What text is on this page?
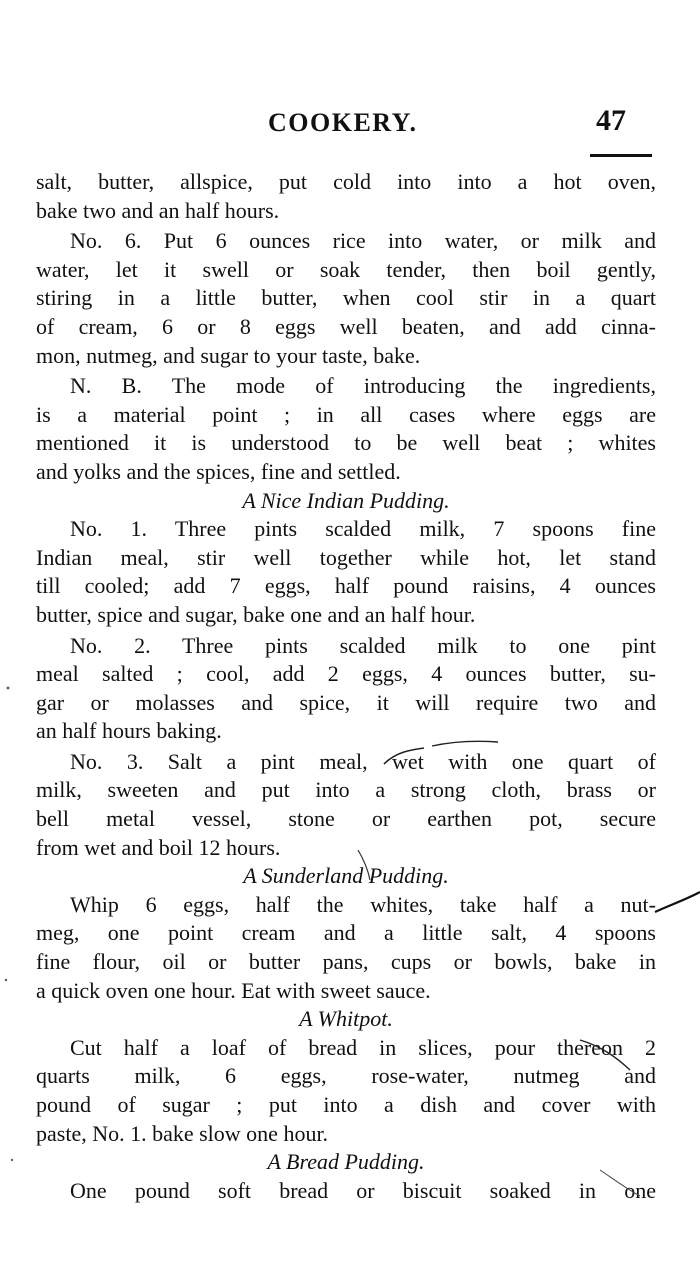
COOKERY.	47
salt, butter, allspice, put cold into into a hot oven,
bake two and an half hours.
No. 6. Put 6 ounces rice into water, or milk and
water, let it swell or soak tender, then boil gently,
stiring in a little butter, when cool stir in a quart
of cream, 6 or 8 eggs well beaten, and add cinna-
mon, nutmeg, and sugar to your taste, bake.
N. B. The mode of introducing the ingredients,
is a material point ; in all cases where eggs are
mentioned it is understood to be well beat ; whites
and yolks and the spices, fine and settled.
A Nice Indian Pudding.
No. 1. Three pints scalded milk, 7 spoons fine
Indian meal, stir well together while hot, let stand
till cooled; add 7 eggs, half pound raisins, 4 ounces
butter, spice and sugar, bake one and an half hour.
No. 2. Three pints scalded milk to one pint
meal salted ; cool, add 2 eggs, 4 ounces butter, su-
gar or molasses and spice, it will require two and
an half hours baking.
No. 3. Salt a pint meal, wet with one quart of
milk, sweeten and put into a strong cloth, brass or
bell metal vessel, stone or earthen pot, secure
from wet and boil 12 hours.
A Sunderland Pudding.
Whip 6 eggs, half the whites, take half a nut-
meg, one point cream and a little salt, 4 spoons
fine flour, oil or butter pans, cups or bowls, bake in
a quick oven one hour. Eat with sweet sauce.
A Whitpot.
Cut half a loaf of bread in slices, pour thereon 2
quarts milk, 6 eggs, rose-water, nutmeg and
pound of sugar ; put into a dish and cover with
paste, No. 1. bake slow one hour.
A Bread Pudding.
One pound soft bread or biscuit soaked in one
